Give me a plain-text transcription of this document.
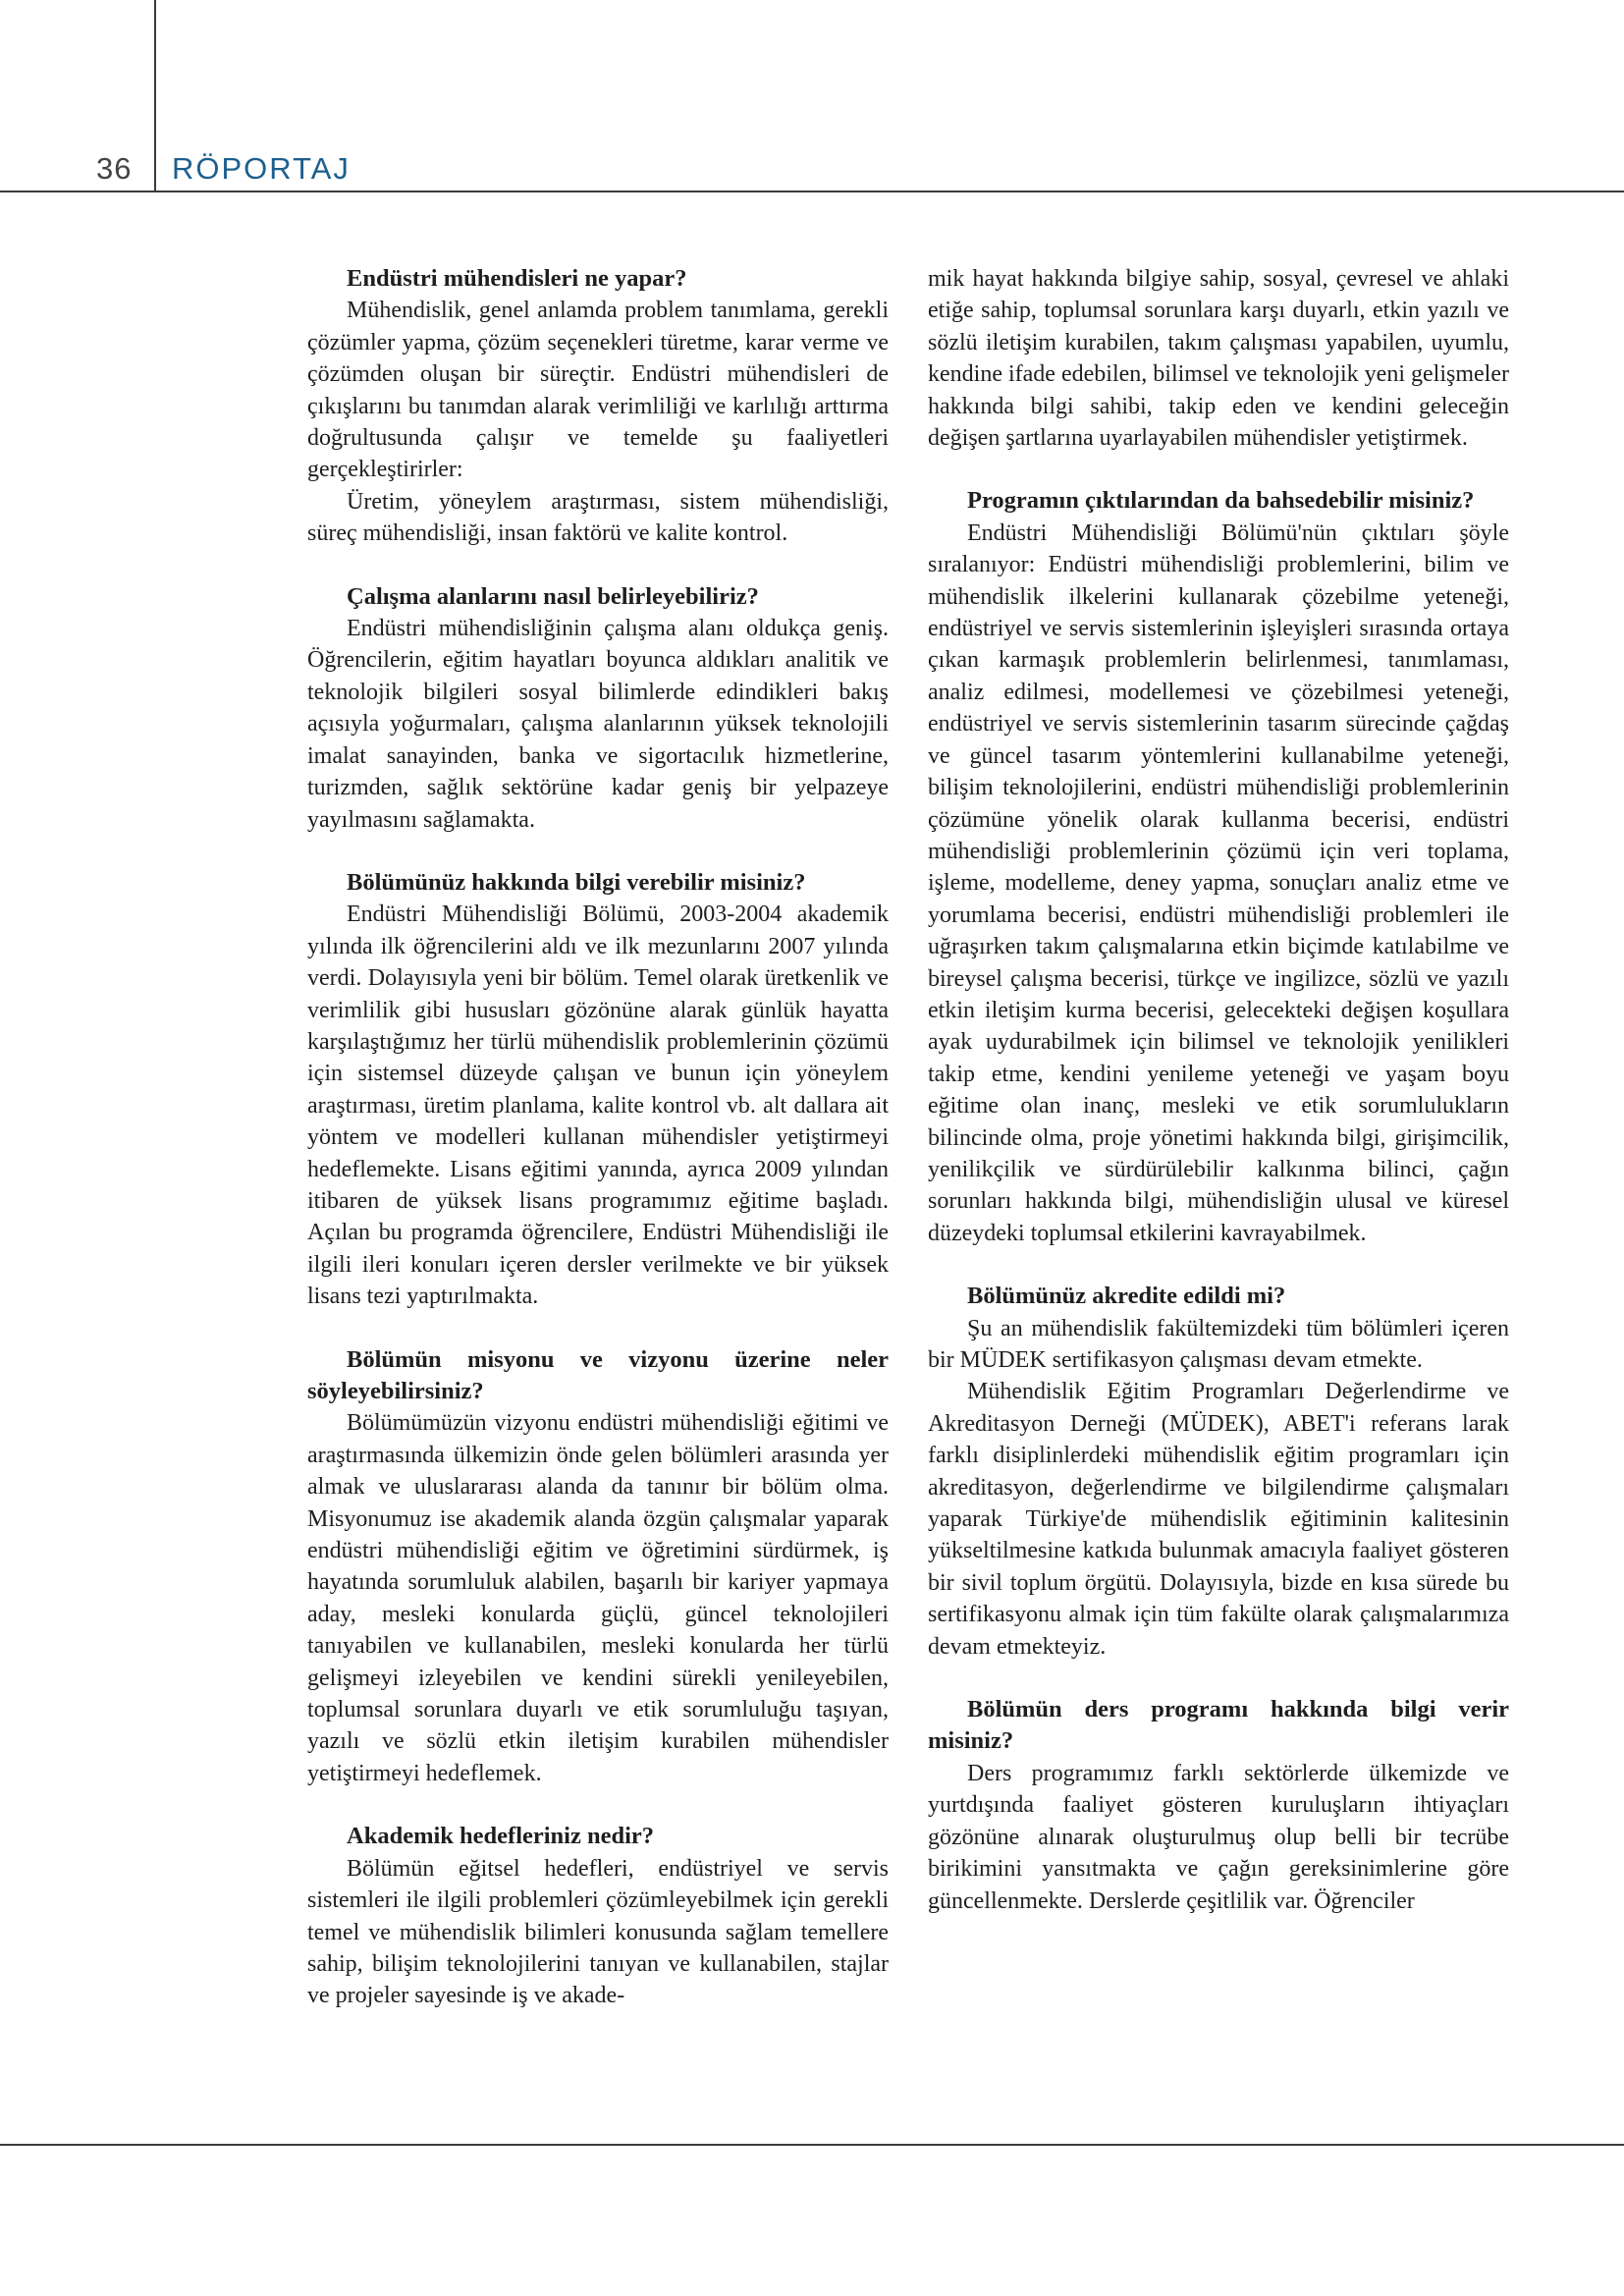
36 RÖPORTAJ

Endüstri mühendisleri ne yapar?

Mühendislik, genel anlamda problem tanımlama, gerekli çözümler yapma, çözüm seçenekleri türetme, karar verme ve çözümden oluşan bir süreçtir. Endüstri mühendisleri de çıkışlarını bu tanımdan alarak verimliliği ve karlılığı arttırma doğrultusunda çalışır ve temelde şu faaliyetleri gerçekleştirirler:

Üretim, yöneylem araştırması, sistem mühendisliği, süreç mühendisliği, insan faktörü ve kalite kontrol.

Çalışma alanlarını nasıl belirleyebiliriz?

Endüstri mühendisliğinin çalışma alanı oldukça geniş. Öğrencilerin, eğitim hayatları boyunca aldıkları analitik ve teknolojik bilgileri sosyal bilimlerde edindikleri bakış açısıyla yoğurmaları, çalışma alanlarının yüksek teknolojili imalat sanayinden, banka ve sigortacılık hizmetlerine, turizmden, sağlık sektörüne kadar geniş bir yelpazeye yayılmasını sağlamakta.

Bölümünüz hakkında bilgi verebilir misiniz?

Endüstri Mühendisliği Bölümü, 2003-2004 akademik yılında ilk öğrencilerini aldı ve ilk mezunlarını 2007 yılında verdi. Dolayısıyla yeni bir bölüm. Temel olarak üretkenlik ve verimlilik gibi hususları gözönüne alarak günlük hayatta karşılaştığımız her türlü mühendislik problemlerinin çözümü için sistemsel düzeyde çalışan ve bunun için yöneylem araştırması, üretim planlama, kalite kontrol vb. alt dallara ait yöntem ve modelleri kullanan mühendisler yetiştirmeyi hedeflemekte. Lisans eğitimi yanında, ayrıca 2009 yılından itibaren de yüksek lisans programımız eğitime başladı. Açılan bu programda öğrencilere, Endüstri Mühendisliği ile ilgili ileri konuları içeren dersler verilmekte ve bir yüksek lisans tezi yaptırılmakta.

Bölümün misyonu ve vizyonu üzerine neler söyleyebilirsiniz?

Bölümümüzün vizyonu endüstri mühendisliği eğitimi ve araştırmasında ülkemizin önde gelen bölümleri arasında yer almak ve uluslararası alanda da tanınır bir bölüm olma. Misyonumuz ise akademik alanda özgün çalışmalar yaparak endüstri mühendisliği eğitim ve öğretimini sürdürmek, iş hayatında sorumluluk alabilen, başarılı bir kariyer yapmaya aday, mesleki konularda güçlü, güncel teknolojileri tanıyabilen ve kullanabilen, mesleki konularda her türlü gelişmeyi izleyebilen ve kendini sürekli yenileyebilen, toplumsal sorunlara duyarlı ve etik sorumluluğu taşıyan, yazılı ve sözlü etkin iletişim kurabilen mühendisler yetiştirmeyi hedeflemek.

Akademik hedefleriniz nedir?

Bölümün eğitsel hedefleri, endüstriyel ve servis sistemleri ile ilgili problemleri çözümleyebilmek için gerekli temel ve mühendislik bilimleri konusunda sağlam temellere sahip, bilişim teknolojilerini tanıyan ve kullanabilen, stajlar ve projeler sayesinde iş ve akade-

mik hayat hakkında bilgiye sahip, sosyal, çevresel ve ahlaki etiğe sahip, toplumsal sorunlara karşı duyarlı, etkin yazılı ve sözlü iletişim kurabilen, takım çalışması yapabilen, uyumlu, kendine ifade edebilen, bilimsel ve teknolojik yeni gelişmeler hakkında bilgi sahibi, takip eden ve kendini geleceğin değişen şartlarına uyarlayabilen mühendisler yetiştirmek.

Programın çıktılarından da bahsedebilir misiniz?

Endüstri Mühendisliği Bölümü'nün çıktıları şöyle sıralanıyor: Endüstri mühendisliği problemlerini, bilim ve mühendislik ilkelerini kullanarak çözebilme yeteneği, endüstriyel ve servis sistemlerinin işleyişleri sırasında ortaya çıkan karmaşık problemlerin belirlenmesi, tanımlaması, analiz edilmesi, modellemesi ve çözebilmesi yeteneği, endüstriyel ve servis sistemlerinin tasarım sürecinde çağdaş ve güncel tasarım yöntemlerini kullanabilme yeteneği, bilişim teknolojilerini, endüstri mühendisliği problemlerinin çözümüne yönelik olarak kullanma becerisi, endüstri mühendisliği problemlerinin çözümü için veri toplama, işleme, modelleme, deney yapma, sonuçları analiz etme ve yorumlama becerisi, endüstri mühendisliği problemleri ile uğraşırken takım çalışmalarına etkin biçimde katılabilme ve bireysel çalışma becerisi, türkçe ve ingilizce, sözlü ve yazılı etkin iletişim kurma becerisi, gelecekteki değişen koşullara ayak uydurabilmek için bilimsel ve teknolojik yenilikleri takip etme, kendini yenileme yeteneği ve yaşam boyu eğitime olan inanç, mesleki ve etik sorumlulukların bilincinde olma, proje yönetimi hakkında bilgi, girişimcilik, yenilikçilik ve sürdürülebilir kalkınma bilinci, çağın sorunları hakkında bilgi, mühendisliğin ulusal ve küresel düzeydeki toplumsal etkilerini kavrayabilmek.

Bölümünüz akredite edildi mi?

Şu an mühendislik fakültemizdeki tüm bölümleri içeren bir MÜDEK sertifikasyon çalışması devam etmekte.

Mühendislik Eğitim Programları Değerlendirme ve Akreditasyon Derneği (MÜDEK), ABET'i referans larak farklı disiplinlerdeki mühendislik eğitim programları için akreditasyon, değerlendirme ve bilgilendirme çalışmaları yaparak Türkiye'de mühendislik eğitiminin kalitesinin yükseltilmesine katkıda bulunmak amacıyla faaliyet gösteren bir sivil toplum örgütü. Dolayısıyla, bizde en kısa sürede bu sertifikasyonu almak için tüm fakülte olarak çalışmalarımıza devam etmekteyiz.

Bölümün ders programı hakkında bilgi verir misiniz?

Ders programımız farklı sektörlerde ülkemizde ve yurtdışında faaliyet gösteren kuruluşların ihtiyaçları gözönüne alınarak oluşturulmuş olup belli bir tecrübe birikimini yansıtmakta ve çağın gereksinimlerine göre güncellenmekte. Derslerde çeşitlilik var. Öğrenciler
